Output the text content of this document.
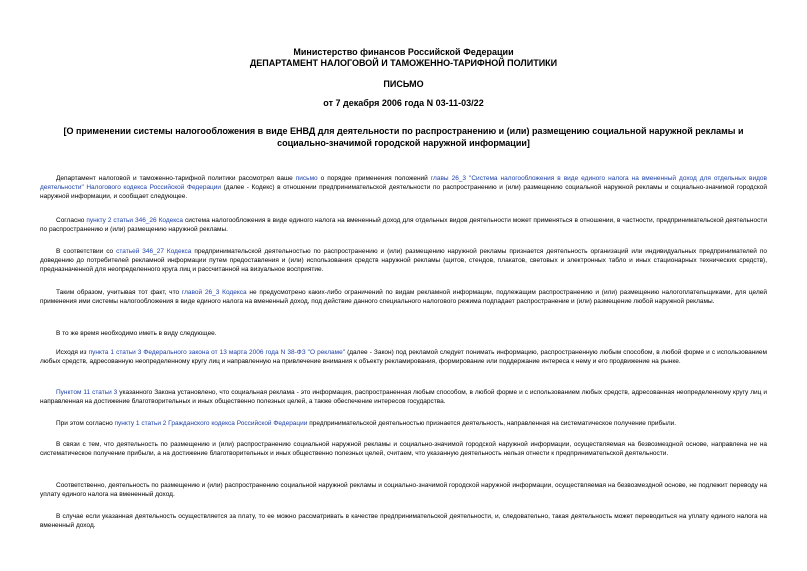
Министерство финансов Российской Федерации
ДЕПАРТАМЕНТ НАЛОГОВОЙ И ТАМОЖЕННО-ТАРИФНОЙ ПОЛИТИКИ
ПИСЬМО
от 7 декабря 2006 года N 03-11-03/22
[О применении системы налогообложения в виде ЕНВД для деятельности по распространению и (или) размещению социальной наружной рекламы и социально-значимой городской наружной информации]

Департамент налоговой и таможенно-тарифной политики рассмотрел ваше письмо о порядке применения положений главы 26_3 "Система налогообложения в виде единого налога на вмененный доход для отдельных видов деятельности" Налогового кодекса Российской Федерации (далее - Кодекс) в отношении предпринимательской деятельности по распространению и (или) размещению социальной наружной рекламы и социально-значимой городской наружной информации, и сообщает следующее.

Согласно пункту 2 статьи 346_26 Кодекса система налогообложения в виде единого налога на вмененный доход для отдельных видов деятельности может применяться в отношении, в частности, предпринимательской деятельности по распространению и (или) размещению наружной рекламы.

В соответствии со статьей 346_27 Кодекса предпринимательской деятельностью по распространению и (или) размещению наружной рекламы признается деятельность организаций или индивидуальных предпринимателей по доведению до потребителей рекламной информации путем предоставления и (или) использования средств наружной рекламы (щитов, стендов, плакатов, световых и электронных табло и иных стационарных технических средств), предназначенной для неопределенного круга лиц и рассчитанной на визуальное восприятие.

Таким образом, учитывая тот факт, что главой 26_3 Кодекса не предусмотрено каких-либо ограничений по видам рекламной информации, подлежащим распространению и (или) размещению налогоплательщиками, для целей применения ими системы налогообложения в виде единого налога на вмененный доход, под действие данного специального налогового режима подпадает распространение и (или) размещение любой наружной рекламы.

В то же время необходимо иметь в виду следующее.

Исходя из пункта 1 статьи 3 Федерального закона от 13 марта 2006 года N 38-ФЗ "О рекламе" (далее - Закон) под рекламой следует понимать информацию, распространенную любым способом, в любой форме и с использованием любых средств, адресованную неопределенному кругу лиц и направленную на привлечение внимания к объекту рекламирования, формирование или поддержание интереса к нему и его продвижение на рынке.

Пунктом 11 статьи 3 указанного Закона установлено, что социальная реклама - это информация, распространенная любым способом, в любой форме и с использованием любых средств, адресованная неопределенному кругу лиц и направленная на достижение благотворительных и иных общественно полезных целей, а также обеспечение интересов государства.

При этом согласно пункту 1 статьи 2 Гражданского кодекса Российской Федерации предпринимательской деятельностью признается деятельность, направленная на систематическое получение прибыли.

В связи с тем, что деятельность по размещению и (или) распространению социальной наружной рекламы и социально-значимой городской наружной информации, осуществляемая на безвозмездной основе, направлена не на систематическое получение прибыли, а на достижение благотворительных и иных общественно полезных целей, считаем, что указанную деятельность нельзя отнести к предпринимательской деятельности.

Соответственно, деятельность по размещению и (или) распространению социальной наружной рекламы и социально-значимой городской наружной информации, осуществляемая на безвозмездной основе, не подлежит переводу на уплату единого налога на вмененный доход.

В случае если указанная деятельность осуществляется за плату, то ее можно рассматривать в качестве предпринимательской деятельности, и, следовательно, такая деятельность может переводиться на уплату единого налога на вмененный доход.
